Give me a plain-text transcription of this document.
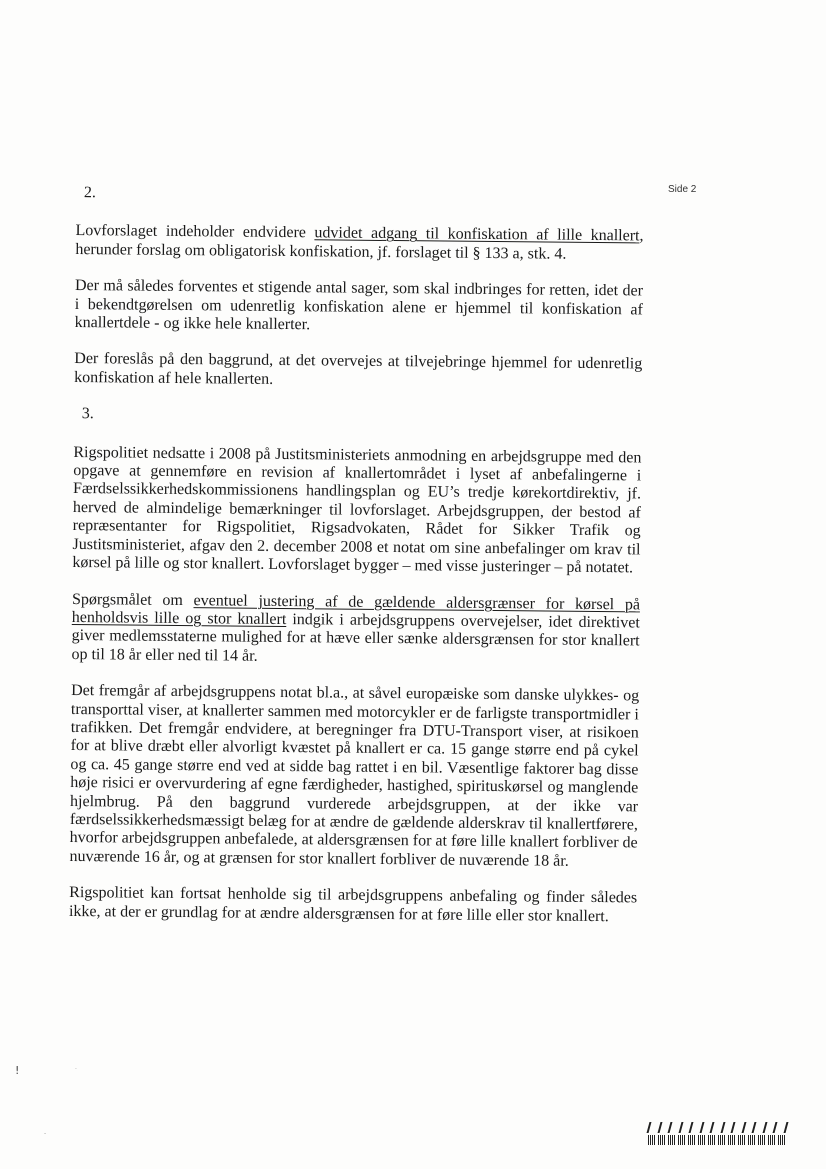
Side 2
2.

Lovforslaget indeholder endvidere udvidet adgang til konfiskation af lille knallert, herunder forslag om obligatorisk konfiskation, jf. forslaget til § 133 a, stk. 4.

Der må således forventes et stigende antal sager, som skal indbringes for retten, idet der i bekendtgørelsen om udenretlig konfiskation alene er hjemmel til konfiskation af knallertdele - og ikke hele knallerter.

Der foreslås på den baggrund, at det overvejes at tilvejebringe hjemmel for udenretlig konfiskation af hele knallerten.

3.

Rigspolitiet nedsatte i 2008 på Justitsministeriets anmodning en arbejdsgruppe med den opgave at gennemføre en revision af knallertområdet i lyset af anbefalingerne i Færdselssikkerhedskommissionens handlingsplan og EU’s tredje kørekortdirektiv, jf. herved de almindelige bemærkninger til lovforslaget. Arbejdsgruppen, der bestod af repræsentanter for Rigspolitiet, Rigsadvokaten, Rådet for Sikker Trafik og Justitsministeriet, afgav den 2. december 2008 et notat om sine anbefalinger om krav til kørsel på lille og stor knallert. Lovforslaget bygger – med visse justeringer – på notatet.

Spørgsmålet om eventuel justering af de gældende aldersgrænser for kørsel på henholdsvis lille og stor knallert indgik i arbejdsgruppens overvejelser, idet direktivet giver medlemsstaterne mulighed for at hæve eller sænke aldersgrænsen for stor knallert op til 18 år eller ned til 14 år.

Det fremgår af arbejdsgruppens notat bl.a., at såvel europæiske som danske ulykkes- og transporttal viser, at knallerter sammen med motorcykler er de farligste transportmidler i trafikken. Det fremgår endvidere, at beregninger fra DTU-Transport viser, at risikoen for at blive dræbt eller alvorligt kvæstet på knallert er ca. 15 gange større end på cykel og ca. 45 gange større end ved at sidde bag rattet i en bil. Væsentlige faktorer bag disse høje risici er overvurdering af egne færdigheder, hastighed, spirituskørsel og manglende hjelmbrug. På den baggrund vurderede arbejdsgruppen, at der ikke var færdselssikkerhedsmæssigt belæg for at ændre de gældende alderskrav til knallertførere, hvorfor arbejdsgruppen anbefalede, at aldersgrænsen for at føre lille knallert forbliver de nuværende 16 år, og at grænsen for stor knallert forbliver de nuværende 18 år.

Rigspolitiet kan fortsat henholde sig til arbejdsgruppens anbefaling og finder således ikke, at der er grundlag for at ændre aldersgrænsen for at føre lille eller stor knallert.

!	·
-
